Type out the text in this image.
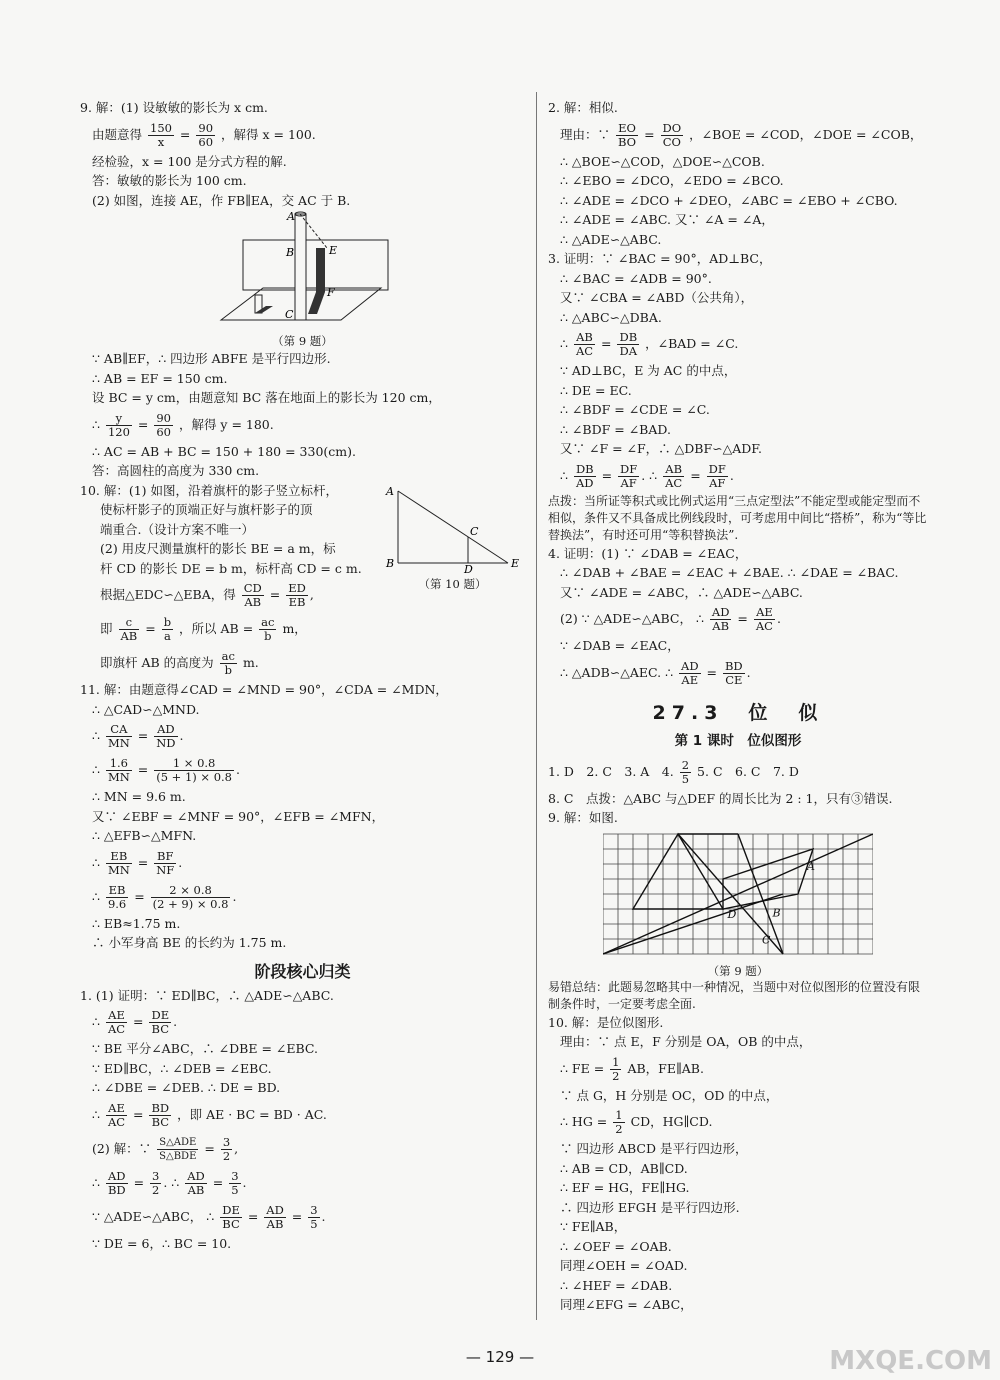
9. 解：(1) 设敏敏的影长为 x cm.
由题意得 $\frac{150}{x} = \frac{90}{60}$ ，解得 x = 100.
经检验，x = 100 是分式方程的解.
答：敏敏的影长为 100 cm.
(2) 如图，连接 AE，作 FB∥EA，交 AC 于 B.
A
B	E
F
C
（第 9 题）
∵ AB∥EF，∴ 四边形 ABFE 是平行四边形.
∴ AB = EF = 150 cm.
设 BC = y cm，由题意知 BC 落在地面上的影长为 120 cm，
∴ $\frac{y}{120} = \frac{90}{60}$ ，解得 y = 180.
∴ AC = AB + BC = 150 + 180 = 330(cm).
答：高圆柱的高度为 330 cm.
10. 解：(1) 如图，沿着旗杆的影子竖立标杆，
使标杆影子的顶端正好与旗杆影子的顶
端重合.（设计方案不唯一）
(2) 用皮尺测量旗杆的影长 BE = a m，标
杆 CD 的影长 DE = b m，标杆高 CD = c m.
根据△EDC∽△EBA，得 $\frac{CD}{AB} = \frac{ED}{EB}$ ,
即 $\frac{c}{AB} = \frac{b}{a}$ ，所以 AB = $\frac{ac}{b}$ m，
即旗杆 AB 的高度为 $\frac{ac}{b} m$.
A
B
C
D	E
（第 10 题）
11. 解：由题意得∠CAD = ∠MND = 90°，∠CDA = ∠MDN，
∴ △CAD∽△MND.
∴ $\frac{CA}{MN} = \frac{AD}{ND}$ .
∴ $\frac{1.6}{MN} = \frac{1 \times 0.8}{(5 + 1) \times 0.8}$ .
∴ MN = 9.6 m.
又∵ ∠EBF = ∠MNF = 90°，∠EFB = ∠MFN，
∴ △EFB∽△MFN.
∴ $\frac{EB}{MN} = \frac{BF}{NF}$ .
∴ $\frac{EB}{9.6} = \frac{2 \times 0.8}{(2 + 9) \times 0.8}$ .
∴ EB≈1.75 m.
∴ 小军身高 BE 的长约为 1.75 m.
阶段核心归类
1. (1) 证明：∵ ED∥BC，∴ △ADE∽△ABC.
∴ $\frac{AE}{AC} = \frac{DE}{BC}$ .
∵ BE 平分∠ABC，∴ ∠DBE = ∠EBC.
∵ ED∥BC，∴ ∠DEB = ∠EBC.
∴ ∠DBE = ∠DEB. ∴ DE = BD.
∴ $\frac{AE}{AC} = \frac{BD}{BC}$ ，即 AE · BC = BD · AC.
(2) 解：∵ $\frac{\text{S△ADE}}{\text{S△BDE}} = \frac{3}{2}$ ,
∴ $\frac{AD}{BD} = \frac{3}{2}$ . ∴ $\frac{AD}{AB} = \frac{3}{5}$ .
∵ △ADE∽△ABC， ∴ $\frac{DE}{BC} = \frac{AD}{AB} = \frac{3}{5}$ .
∵ DE = 6，∴ BC = 10.
2. 解：相似.
理由：∵ $\frac{EO}{BO} = \frac{DO}{CO}$ ，∠BOE = ∠COD，∠DOE = ∠COB，
∴ △BOE∽△COD，△DOE∽△COB.
∴ ∠EBO = ∠DCO，∠EDO = ∠BCO.
∴ ∠ADE = ∠DCO + ∠DEO，∠ABC = ∠EBO + ∠CBO.
∴ ∠ADE = ∠ABC. 又∵ ∠A = ∠A，
∴ △ADE∽△ABC.
3. 证明：∵ ∠BAC = 90°，AD⊥BC，
∴ ∠BAC = ∠ADB = 90°.
又∵ ∠CBA = ∠ABD（公共角），
∴ △ABC∽△DBA.
∴ $\frac{AB}{AC} = \frac{DB}{DA}$ ，∠BAD = ∠C.
∵ AD⊥BC，E 为 AC 的中点，
∴ DE = EC.
∴ ∠BDF = ∠CDE = ∠C.
∴ ∠BDF = ∠BAD.
又∵ ∠F = ∠F，∴ △DBF∽△ADF.
∴ $\frac{DB}{AD} = \frac{DF}{AF}$ . ∴ $\frac{AB}{AC} = \frac{DF}{AF}$ .
点拨：当所证等积式或比例式运用“三点定型法”不能定型或能定型而不相似，条件又不具备成比例线段时，可考虑用中间比“搭桥”，称为“等比替换法”，有时还可用“等积替换法”.
4. 证明：(1) ∵ ∠DAB = ∠EAC，
∴ ∠DAB + ∠BAE = ∠EAC + ∠BAE. ∴ ∠DAE = ∠BAC.
又∵ ∠ADE = ∠ABC，∴ △ADE∽△ABC.
(2) ∵ △ADE∽△ABC， ∴ $\frac{AD}{AB} = \frac{AE}{AC}$ .
∵ ∠DAB = ∠EAC，
∴ △ADB∽△AEC. ∴ $\frac{AD}{AE} = \frac{BD}{CE}$ .
27.3　位　似
第 1 课时　位似图形
1. D　2. C　3. A　4. $\frac{2}{5} 5$. C　6. C　7. D
8. C　点拨：△ABC 与△DEF 的周长比为 2 : 1，只有③错误.
9. 解：如图.
A
B
C
D
（第 9 题）
易错总结：此题易忽略其中一种情况，当题中对位似图形的位置没有限制条件时，一定要考虑全面.
10. 解：是位似图形.
理由：∵ 点 E，F 分别是 OA，OB 的中点，
∴ FE = $\frac{1}{2}$ AB，FE∥AB.
∵ 点 G，H 分别是 OC，OD 的中点，
∴ HG = $\frac{1}{2}$ CD，HG∥CD.
∵ 四边形 ABCD 是平行四边形，
∴ AB = CD，AB∥CD.
∴ EF = HG，FE∥HG.
∴ 四边形 EFGH 是平行四边形.
∵ FE∥AB，
∴ ∠OEF = ∠OAB.
同理∠OEH = ∠OAD.
∴ ∠HEF = ∠DAB.
同理∠EFG = ∠ABC，
— 129 —	MXQE.COM
